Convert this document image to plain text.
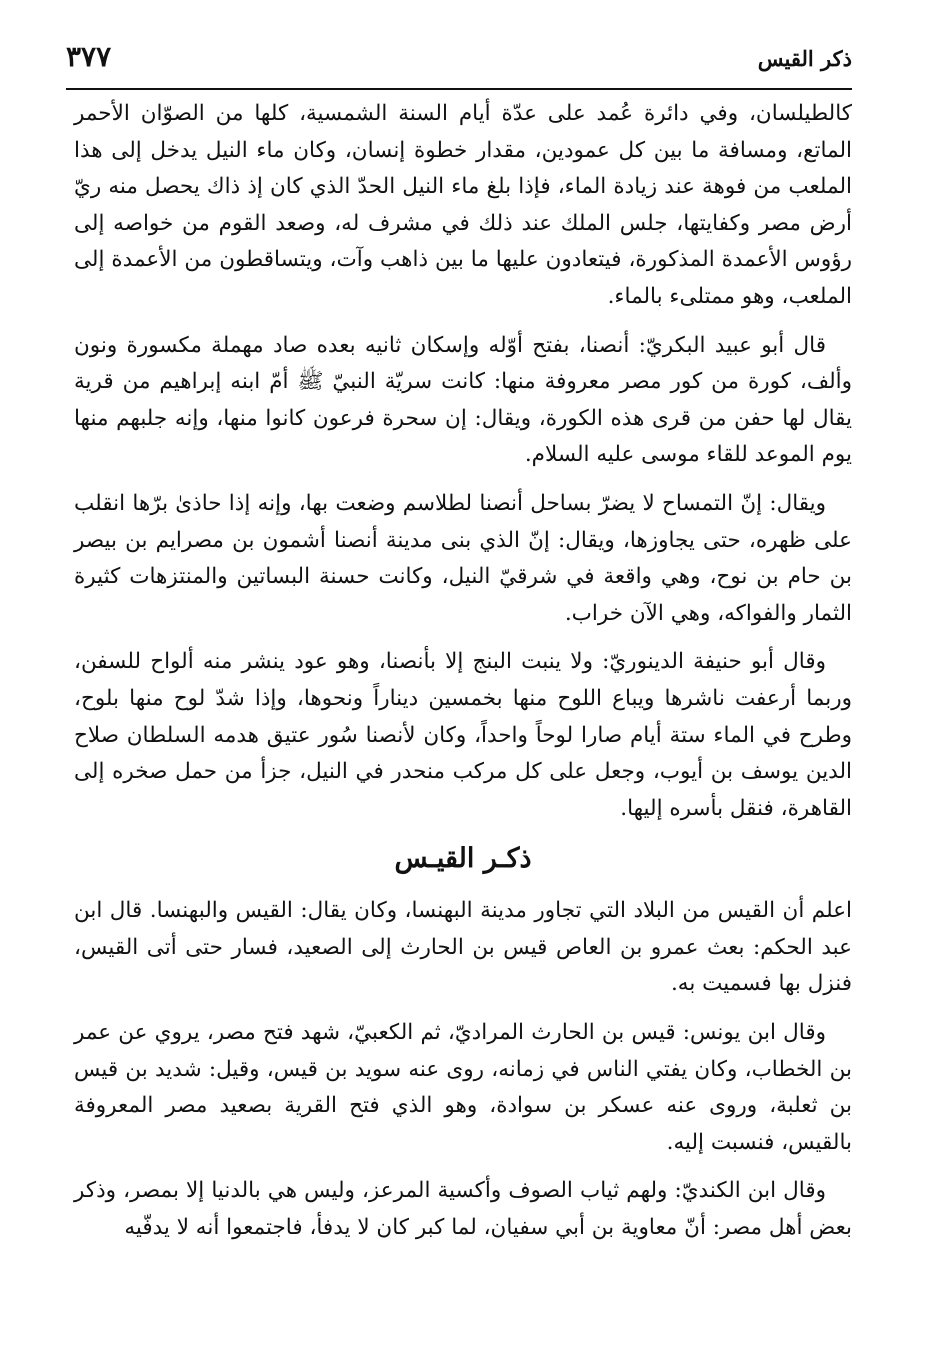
ذكر القيس
٣٧٧

كالطيلسان، وفي دائرة عُمد على عدّة أيام السنة الشمسية، كلها من الصوّان الأحمر الماتع، ومسافة ما بين كل عمودين، مقدار خطوة إنسان، وكان ماء النيل يدخل إلى هذا الملعب من فوهة عند زيادة الماء، فإذا بلغ ماء النيل الحدّ الذي كان إذ ذاك يحصل منه ريّ أرض مصر وكفايتها، جلس الملك عند ذلك في مشرف له، وصعد القوم من خواصه إلى رؤوس الأعمدة المذكورة، فيتعادون عليها ما بين ذاهب وآت، ويتساقطون من الأعمدة إلى الملعب، وهو ممتلىء بالماء.

قال أبو عبيد البكريّ: أنصنا، بفتح أوّله وإسكان ثانيه بعده صاد مهملة مكسورة ونون وألف، كورة من كور مصر معروفة منها: كانت سريّة النبيّ ﷺ أمّ ابنه إبراهيم من قرية يقال لها حفن من قرى هذه الكورة، ويقال: إن سحرة فرعون كانوا منها، وإنه جلبهم منها يوم الموعد للقاء موسى عليه السلام.

ويقال: إنّ التمساح لا يضرّ بساحل أنصنا لطلاسم وضعت بها، وإنه إذا حاذىٰ برّها انقلب على ظهره، حتى يجاوزها، ويقال: إنّ الذي بنى مدينة أنصنا أشمون بن مصرايم بن بيصر بن حام بن نوح، وهي واقعة في شرقيّ النيل، وكانت حسنة البساتين والمنتزهات كثيرة الثمار والفواكه، وهي الآن خراب.

وقال أبو حنيفة الدينوريّ: ولا ينبت البنج إلا بأنصنا، وهو عود ينشر منه ألواح للسفن، وربما أرعفت ناشرها ويباع اللوح منها بخمسين ديناراً ونحوها، وإذا شدّ لوح منها بلوح، وطرح في الماء ستة أيام صارا لوحاً واحداً، وكان لأنصنا سُور عتيق هدمه السلطان صلاح الدين يوسف بن أيوب، وجعل على كل مركب منحدر في النيل، جزأ من حمل صخره إلى القاهرة، فنقل بأسره إليها.

ذكـر القيـس

اعلم أن القيس من البلاد التي تجاور مدينة البهنسا، وكان يقال: القيس والبهنسا. قال ابن عبد الحكم: بعث عمرو بن العاص قيس بن الحارث إلى الصعيد، فسار حتى أتى القيس، فنزل بها فسميت به.

وقال ابن يونس: قيس بن الحارث المراديّ، ثم الكعبيّ، شهد فتح مصر، يروي عن عمر بن الخطاب، وكان يفتي الناس في زمانه، روى عنه سويد بن قيس، وقيل: شديد بن قيس بن ثعلبة، وروى عنه عسكر بن سوادة، وهو الذي فتح القرية بصعيد مصر المعروفة بالقيس، فنسبت إليه.

وقال ابن الكنديّ: ولهم ثياب الصوف وأكسية المرعز، وليس هي بالدنيا إلا بمصر، وذكر بعض أهل مصر: أنّ معاوية بن أبي سفيان، لما كبر كان لا يدفأ، فاجتمعوا أنه لا يدفّيه
